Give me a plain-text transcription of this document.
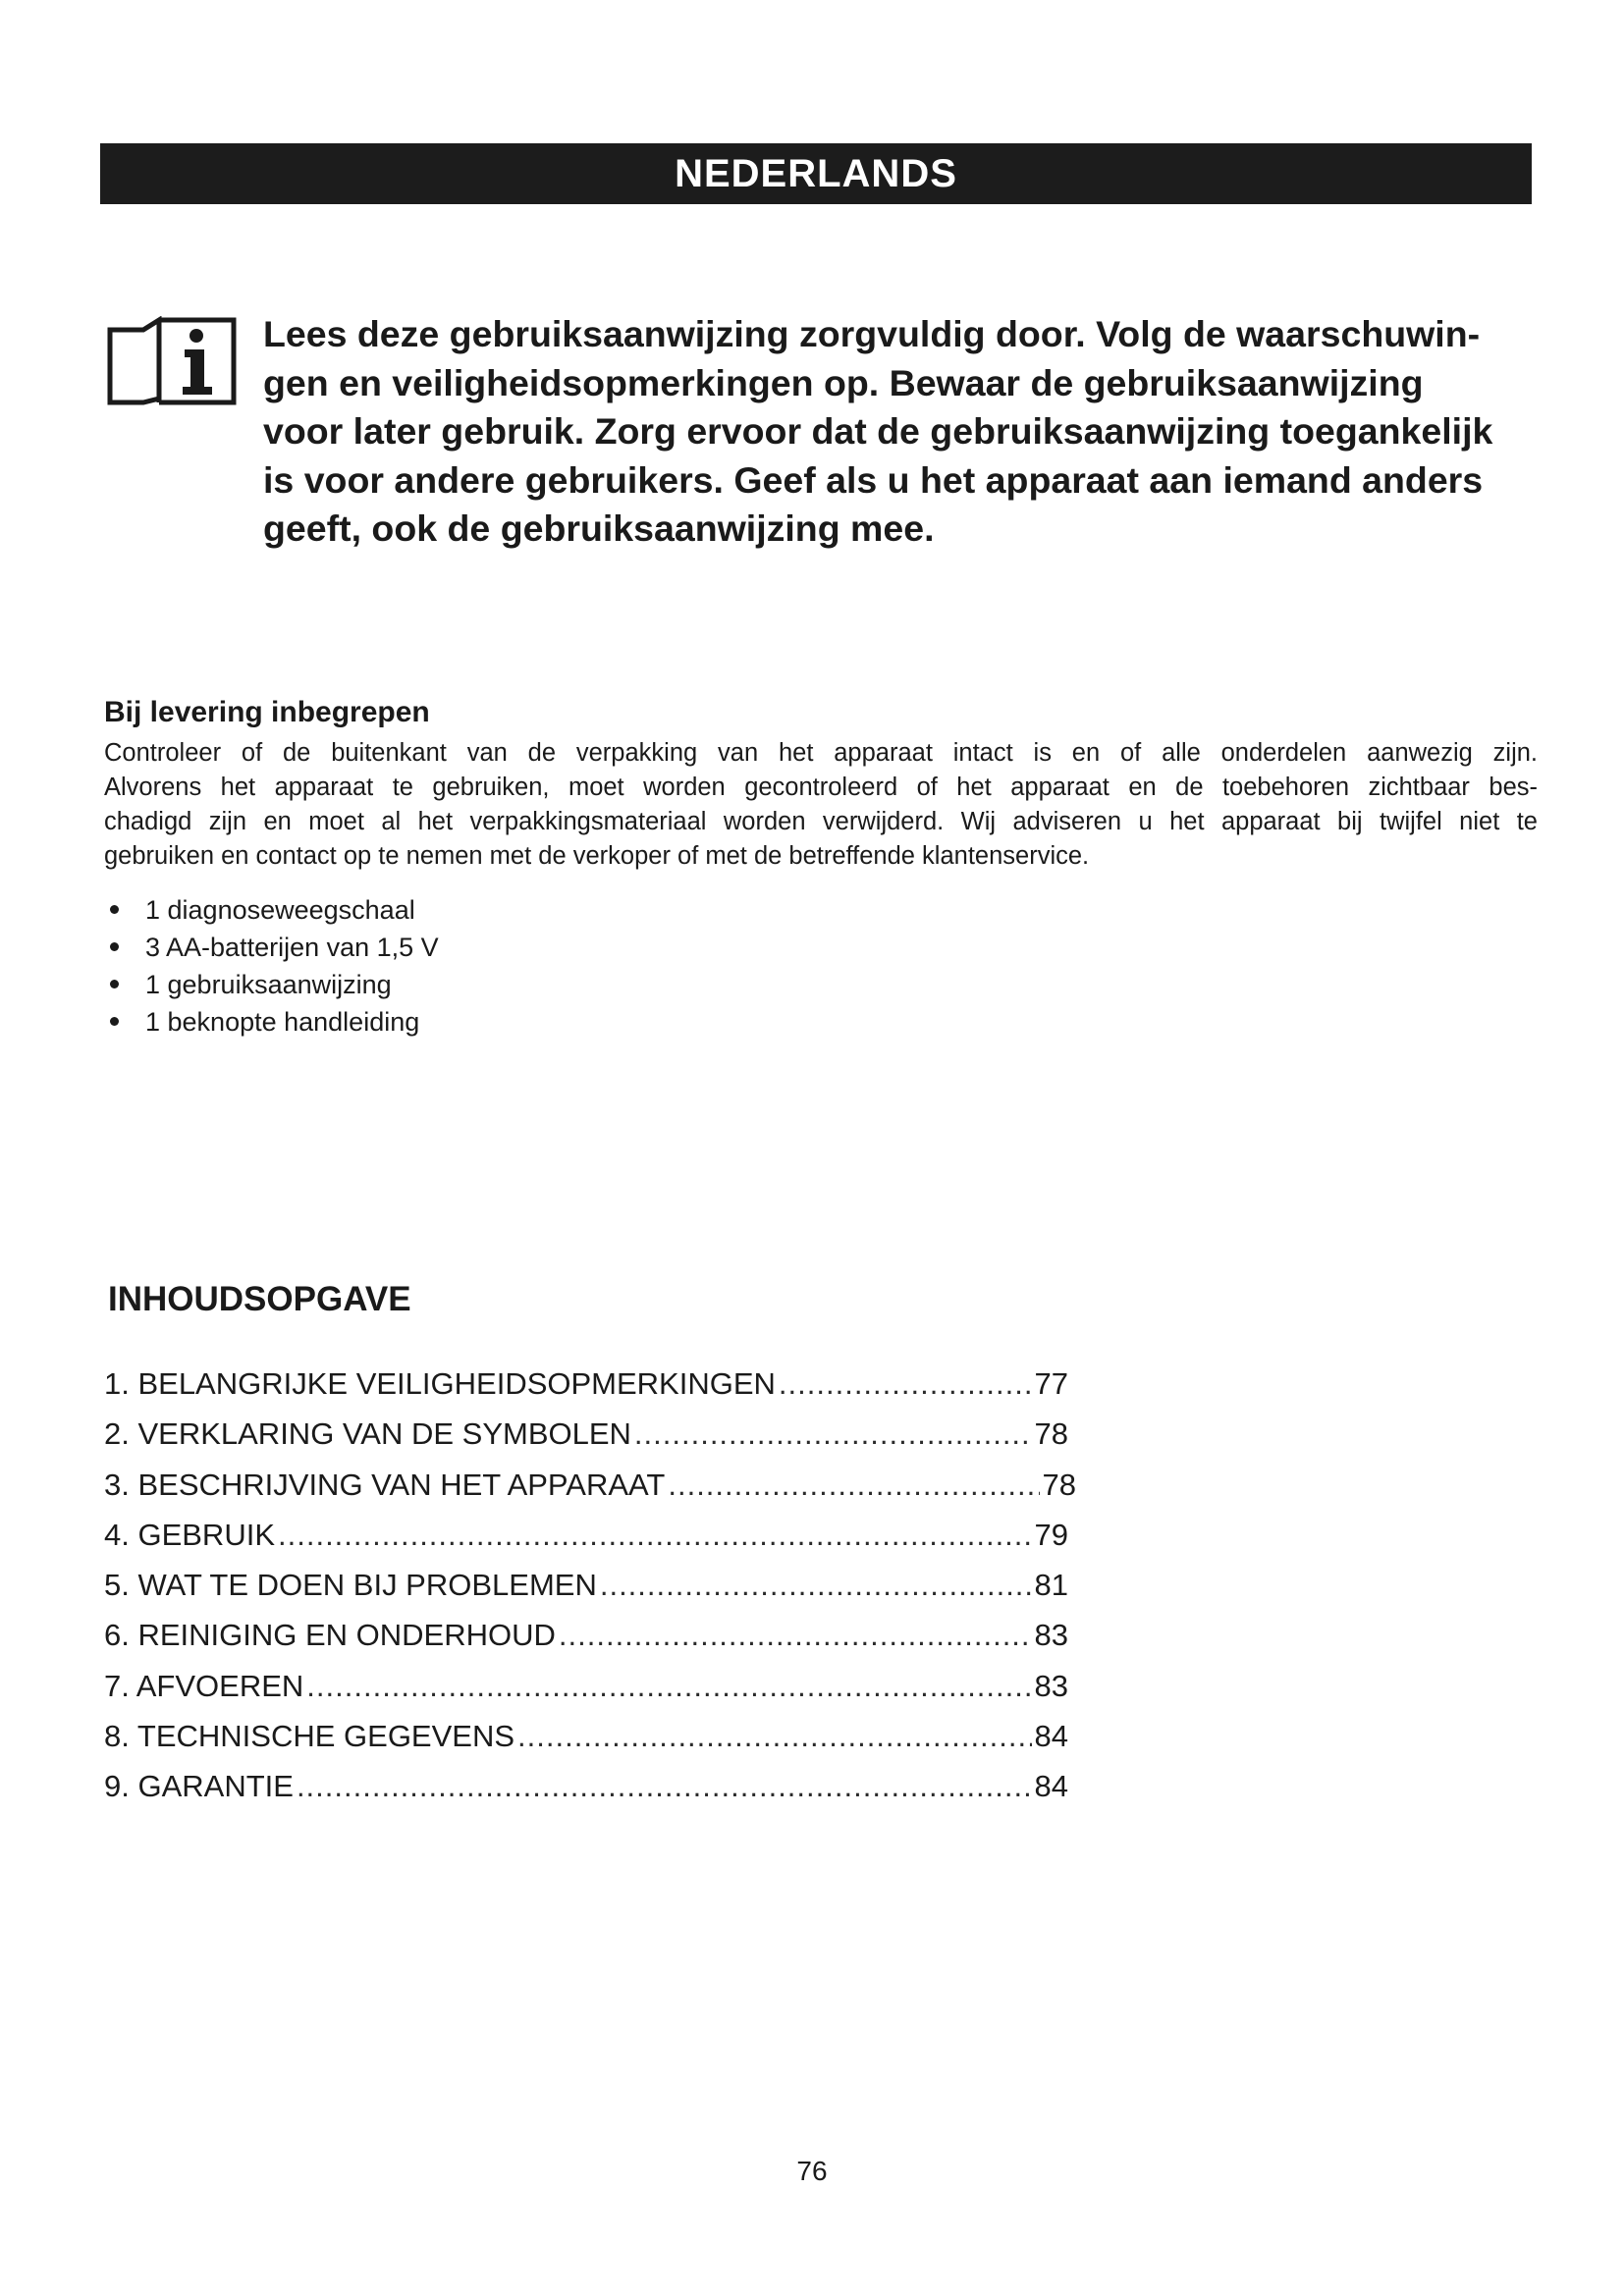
NEDERLANDS

Lees deze gebruiksaanwijzing zorgvuldig door. Volg de waarschuwin-
gen en veiligheidsopmerkingen op. Bewaar de gebruiksaanwijzing
voor later gebruik. Zorg ervoor dat de gebruiksaanwijzing toegankelijk
is voor andere gebruikers. Geef als u het apparaat aan iemand anders
geeft, ook de gebruiksaanwijzing mee.

Bij levering inbegrepen

Controleer of de buitenkant van de verpakking van het apparaat intact is en of alle onderdelen aanwezig zijn.
Alvorens het apparaat te gebruiken, moet worden gecontroleerd of het apparaat en de toebehoren zichtbaar bes-
chadigd zijn en moet al het verpakkingsmateriaal worden verwijderd. Wij adviseren u het apparaat bij twijfel niet te
gebruiken en contact op te nemen met de verkoper of met de betreffende klantenservice.

1 diagnoseweegschaal
3 AA-batterijen van 1,5 V
1 gebruiksaanwijzing
1 beknopte handleiding
INHOUDSOPGAVE
1. BELANGRIJKE VEILIGHEIDSOPMERKINGEN .....	77
2. VERKLARING VAN DE SYMBOLEN .....	78
3. BESCHRIJVING VAN HET APPARAAT .....	78
4. GEBRUIK .....	79
5. WAT TE DOEN BIJ PROBLEMEN .....	81
6. REINIGING EN ONDERHOUD .....	83
7. AFVOEREN .....	83
8. TECHNISCHE GEGEVENS .....	84
9. GARANTIE .....	84
76
